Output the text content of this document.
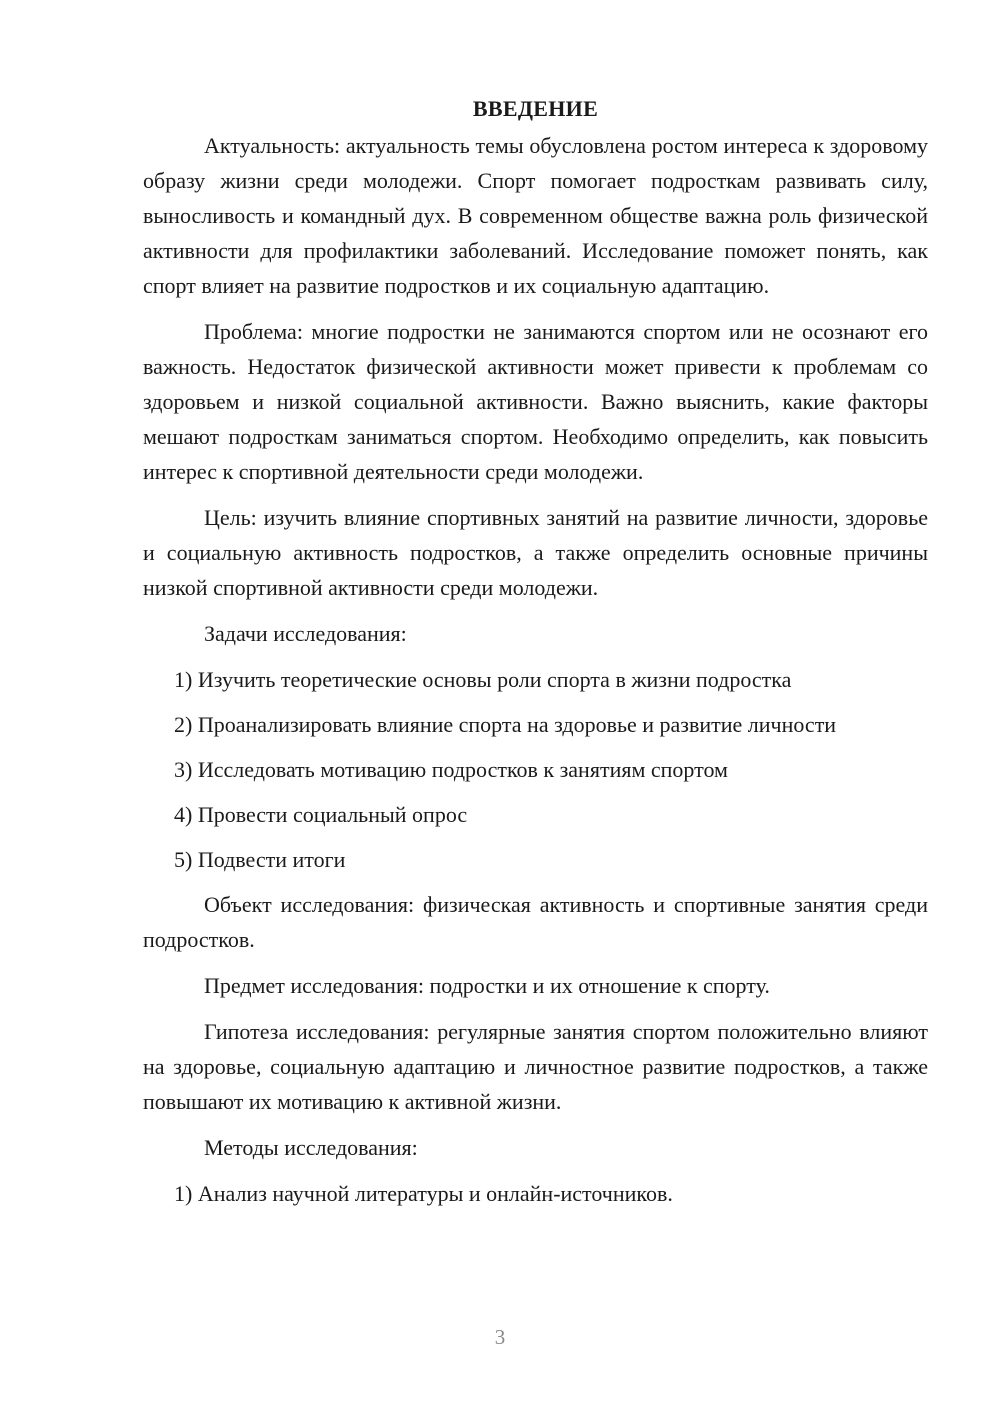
ВВЕДЕНИЕ

Актуальность: актуальность темы обусловлена ростом интереса к здоровому образу жизни среди молодежи. Спорт помогает подросткам развивать силу, выносливость и командный дух. В современном обществе важна роль физической активности для профилактики заболеваний. Исследование поможет понять, как спорт влияет на развитие подростков и их социальную адаптацию.

Проблема: многие подростки не занимаются спортом или не осознают его важность. Недостаток физической активности может привести к проблемам со здоровьем и низкой социальной активности. Важно выяснить, какие факторы мешают подросткам заниматься спортом. Необходимо определить, как повысить интерес к спортивной деятельности среди молодежи.

Цель: изучить влияние спортивных занятий на развитие личности, здоровье и социальную активность подростков, а также определить основные причины низкой спортивной активности среди молодежи.

Задачи исследования:

1) Изучить теоретические основы роли спорта в жизни подростка

2) Проанализировать влияние спорта на здоровье и развитие личности

3) Исследовать мотивацию подростков к занятиям спортом

4) Провести социальный опрос

5) Подвести итоги

Объект исследования: физическая активность и спортивные занятия среди подростков.

Предмет исследования: подростки и их отношение к спорту.

Гипотеза исследования: регулярные занятия спортом положительно влияют на здоровье, социальную адаптацию и личностное развитие подростков, а также повышают их мотивацию к активной жизни.

Методы исследования:

1) Анализ научной литературы и онлайн-источников.

3
